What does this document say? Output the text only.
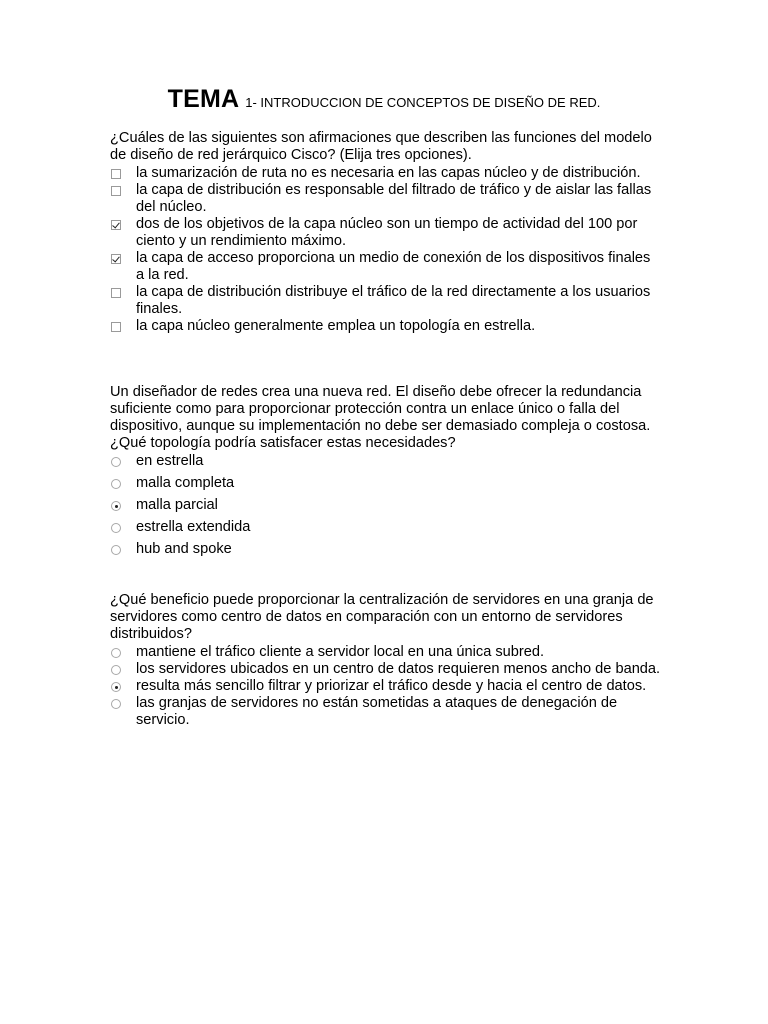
TEMA 1- INTRODUCCION DE CONCEPTOS DE DISEÑO DE RED.

¿Cuáles de las siguientes son afirmaciones que describen las funciones del modelo de diseño de red jerárquico Cisco? (Elija tres opciones).

la sumarización de ruta no es necesaria en las capas núcleo y de distribución.
la capa de distribución es responsable del filtrado de tráfico y de aislar las fallas del núcleo.
dos de los objetivos de la capa núcleo son un tiempo de actividad del 100 por ciento y un rendimiento máximo.
la capa de acceso proporciona un medio de conexión de los dispositivos finales a la red.
la capa de distribución distribuye el tráfico de la red directamente a los usuarios finales.
la capa núcleo generalmente emplea un topología en estrella.

Un diseñador de redes crea una nueva red. El diseño debe ofrecer la redundancia suficiente como para proporcionar protección contra un enlace único o falla del dispositivo, aunque su implementación no debe ser demasiado compleja o costosa. ¿Qué topología podría satisfacer estas necesidades?

en estrella
malla completa
malla parcial
estrella extendida
hub and spoke

¿Qué beneficio puede proporcionar la centralización de servidores en una granja de servidores como centro de datos en comparación con un entorno de servidores distribuidos?

mantiene el tráfico cliente a servidor local en una única subred.
los servidores ubicados en un centro de datos requieren menos ancho de banda.
resulta más sencillo filtrar y priorizar el tráfico desde y hacia el centro de datos.
las granjas de servidores no están sometidas a ataques de denegación de servicio.
